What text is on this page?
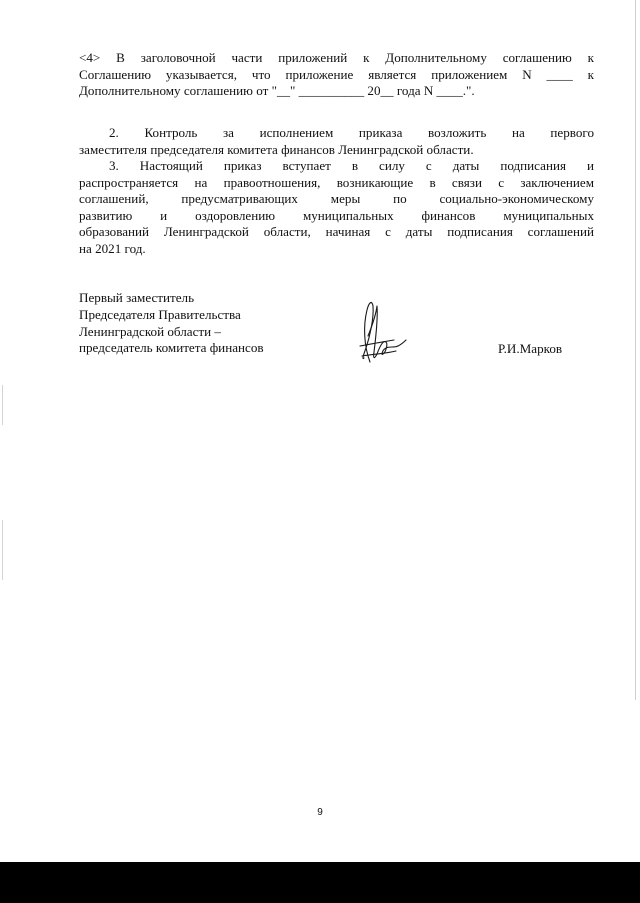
<4> В заголовочной части приложений к Дополнительному соглашению к
Соглашению указывается, что приложение является приложением N ____ к
Дополнительному соглашению от "__" __________ 20__ года N ____.".
2. Контроль за исполнением приказа возложить на первого
заместителя председателя комитета финансов Ленинградской области.
3. Настоящий приказ вступает в силу с даты подписания и
распространяется на правоотношения, возникающие в связи с заключением
соглашений, предусматривающих меры по социально-экономическому
развитию и оздоровлению муниципальных финансов муниципальных
образований Ленинградской области, начиная с даты подписания соглашений
на 2021 год.
Первый заместитель
Председателя Правительства
Ленинградской области –
председатель комитета финансов	Р.И.Марков
9
